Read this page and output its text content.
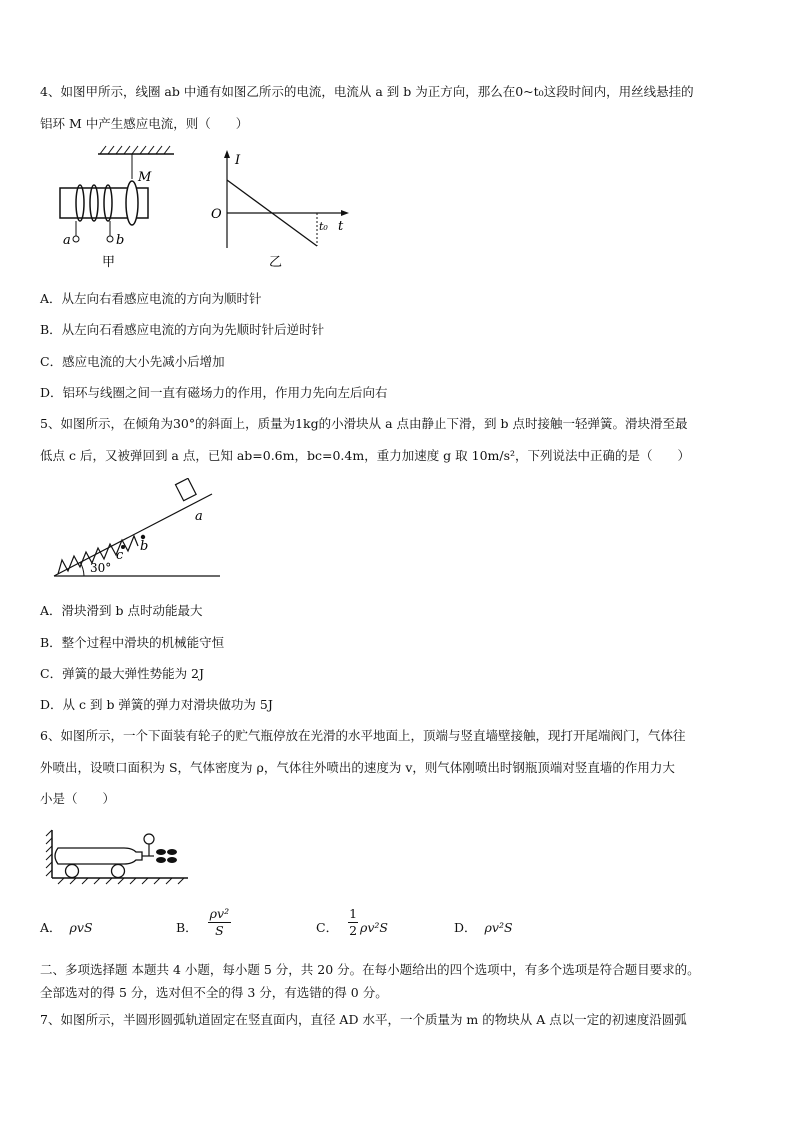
4、如图甲所示，线圈 ab 中通有如图乙所示的电流，电流从 a 到 b 为正方向，那么在0~t₀这段时间内，用丝线悬挂的
铝环 M 中产生感应电流，则（　　）
M
a	b
甲
I
O
t₀ t
乙
A．从左向右看感应电流的方向为顺时针
B．从左向石看感应电流的方向为先顺时针后逆时针
C．感应电流的大小先减小后增加
D．铝环与线圈之间一直有磁场力的作用，作用力先向左后向右
5、如图所示，在倾角为30°的斜面上，质量为1kg的小滑块从 a 点由静止下滑，到 b 点时接触一轻弹簧。滑块滑至最
低点 c 后，又被弹回到 a 点，已知 ab=0.6m，bc=0.4m，重力加速度 g 取 10m/s²，下列说法中正确的是（　　）
a
b
c
30°
A．滑块滑到 b 点时动能最大
B．整个过程中滑块的机械能守恒
C．弹簧的最大弹性势能为 2J
D．从 c 到 b 弹簧的弹力对滑块做功为 5J
6、如图所示，一个下面装有轮子的贮气瓶停放在光滑的水平地面上，顶端与竖直墙壁接触，现打开尾端阀门，气体往
外喷出，设喷口面积为 S，气体密度为 ρ，气体往外喷出的速度为 v，则气体刚喷出时钢瓶顶端对竖直墙的作用力大
小是（　　）
A． ρvS	B． $\frac{\text{ρv²}}{S}$	C． $\frac{1}{2} \rho v^2S$	D． ρv²S
二、多项选择题 本题共 4 小题，每小题 5 分，共 20 分。在每小题给出的四个选项中，有多个选项是符合题目要求的。
全部选对的得 5 分，选对但不全的得 3 分，有选错的得 0 分。
7、如图所示，半圆形圆弧轨道固定在竖直面内，直径 AD 水平，一个质量为 m 的物块从 A 点以一定的初速度沿圆弧
